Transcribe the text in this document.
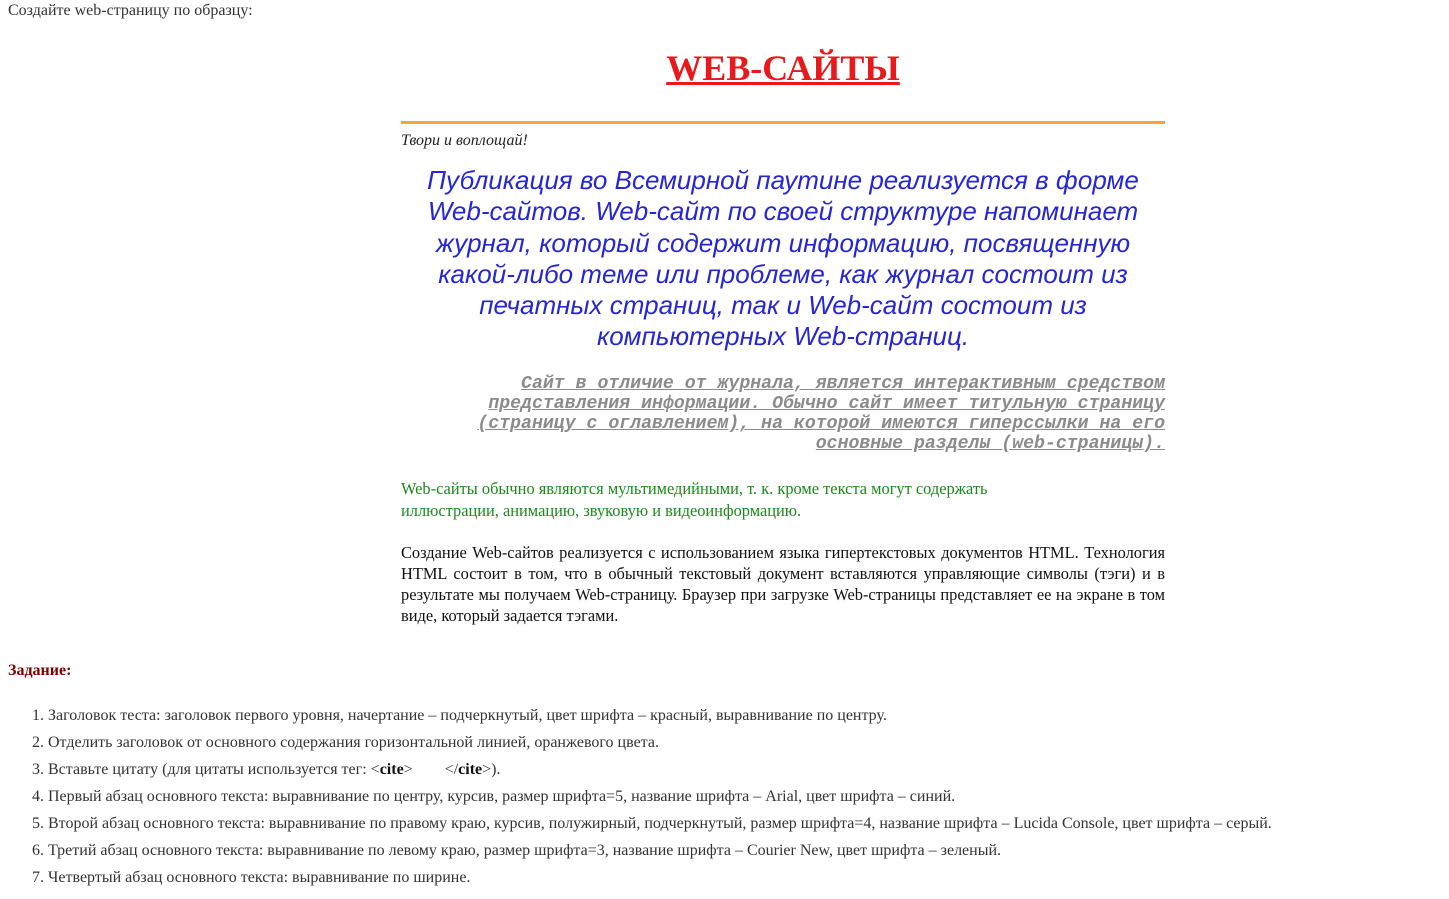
Создайте web-страницу по образцу:
WEB-САЙТЫ
Твори и воплощай!

Публикация во Всемирной паутине реализуется в форме Web-сайтов. Web-сайт по своей структуре напоминает журнал, который содержит информацию, посвященную какой-либо теме или проблеме, как журнал состоит из печатных страниц, так и Web-сайт состоит из компьютерных Web-страниц.

Сайт в отличие от журнала, является интерактивным средством представления информации. Обычно сайт имеет титульную страницу (страницу с оглавлением), на которой имеются гиперссылки на его основные разделы (web-страницы).

Web-сайты обычно являются мультимедийными, т. к. кроме текста могут содержать иллюстрации, анимацию, звуковую и видеоинформацию.

Создание Web-сайтов реализуется с использованием языка гипертекстовых документов HTML. Технология HTML состоит в том, что в обычный текстовый документ вставляются управляющие символы (тэги) и в результате мы получаем Web-страницу. Браузер при загрузке Web-страницы представляет ее на экране в том виде, который задается тэгами.

Задание:

1. Заголовок теста: заголовок первого уровня, начертание – подчеркнутый, цвет шрифта – красный, выравнивание по центру.
2. Отделить заголовок от основного содержания горизонтальной линией, оранжевого цвета.
3. Вставьте цитату (для цитаты используется тег: <cite>        </cite>).
4. Первый абзац основного текста: выравнивание по центру, курсив, размер шрифта=5, название шрифта – Arial, цвет шрифта – синий.
5. Второй абзац основного текста: выравнивание по правому краю, курсив, полужирный, подчеркнутый, размер шрифта=4, название шрифта – Lucida Console, цвет шрифта – серый.
6. Третий абзац основного текста: выравнивание по левому краю, размер шрифта=3, название шрифта – Courier New, цвет шрифта – зеленый.
7. Четвертый абзац основного текста: выравнивание по ширине.
